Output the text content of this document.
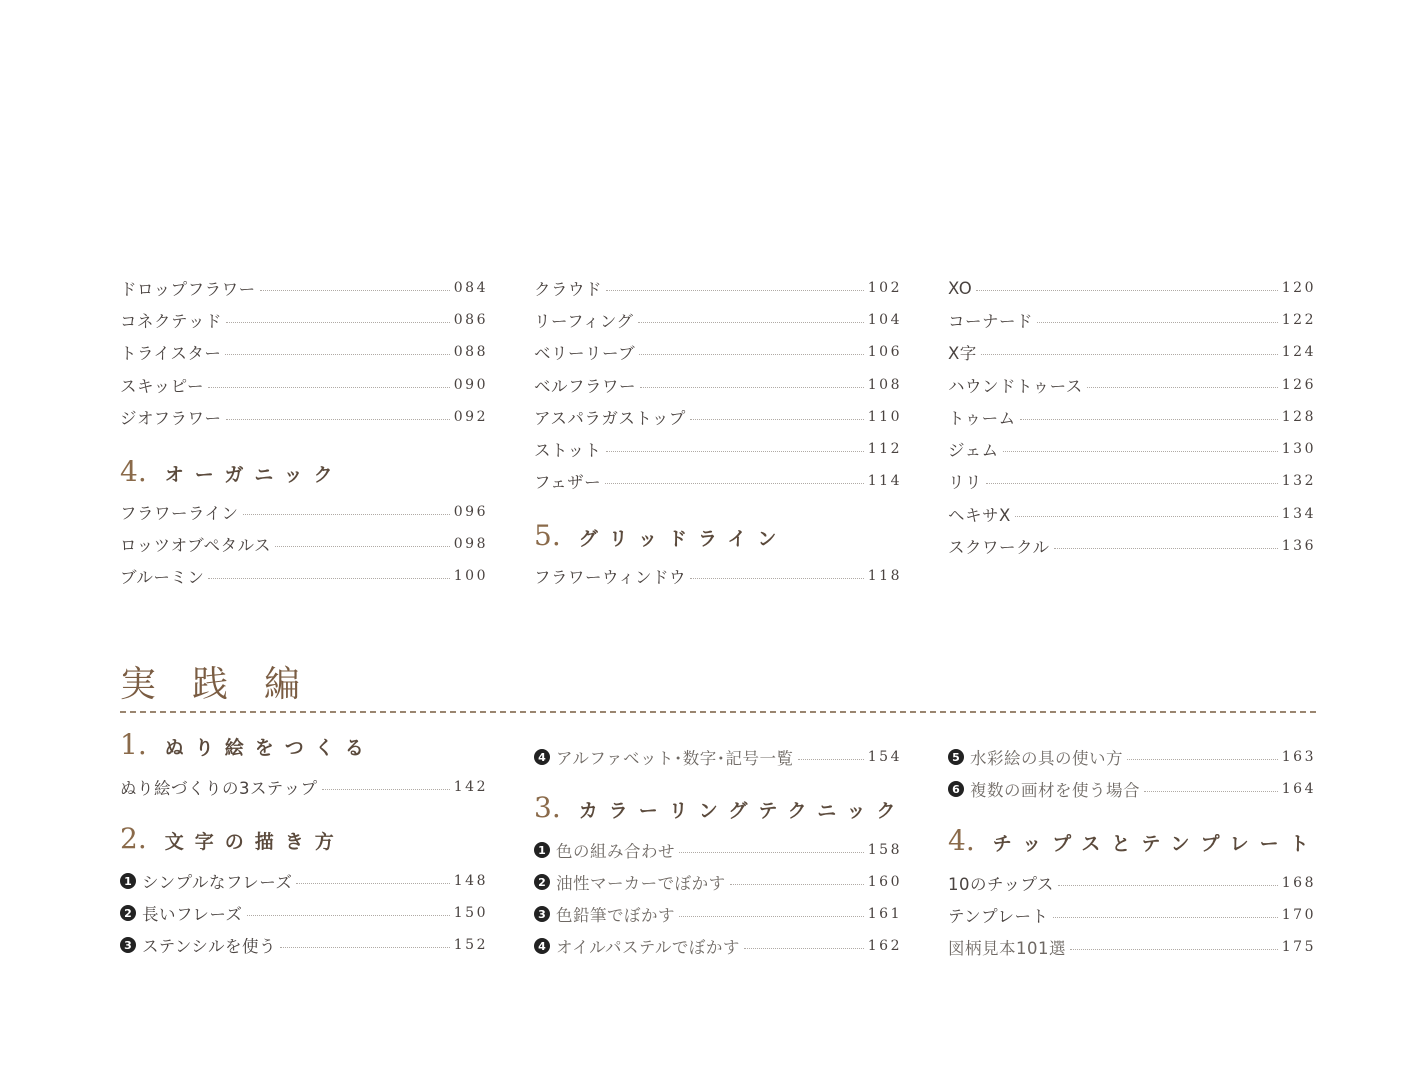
ドロップフラワー	084
コネクテッド	086
トライスター	088
スキッピー	090
ジオフラワー	092
4. オーガニック
フラワーライン	096
ロッツオブペタルス	098
ブルーミン	100
クラウド	102
リーフィング	104
ベリーリーブ	106
ベルフラワー	108
アスパラガストップ	110
ストット	112
フェザー	114
5. グリッドライン
フラワーウィンドウ	118
XO	120
コーナード	122
X字	124
ハウンドトゥース	126
トゥーム	128
ジェム	130
リリ	132
ヘキサX	134
スクワークル	136
実践編
1. ぬり絵をつくる
ぬり絵づくりの3ステップ	142
2. 文字の描き方
1 シンプルなフレーズ	148
2 長いフレーズ	150
3 ステンシルを使う	152
4 アルファベット･数字･記号一覧	154
3. カラーリングテクニック
1 色の組み合わせ	158
2 油性マーカーでぼかす	160
3 色鉛筆でぼかす	161
4 オイルパステルでぼかす	162
5 水彩絵の具の使い方	163
6 複数の画材を使う場合	164
4. チップスとテンプレート
10のチップス	168
テンプレート	170
図柄見本101選	175
